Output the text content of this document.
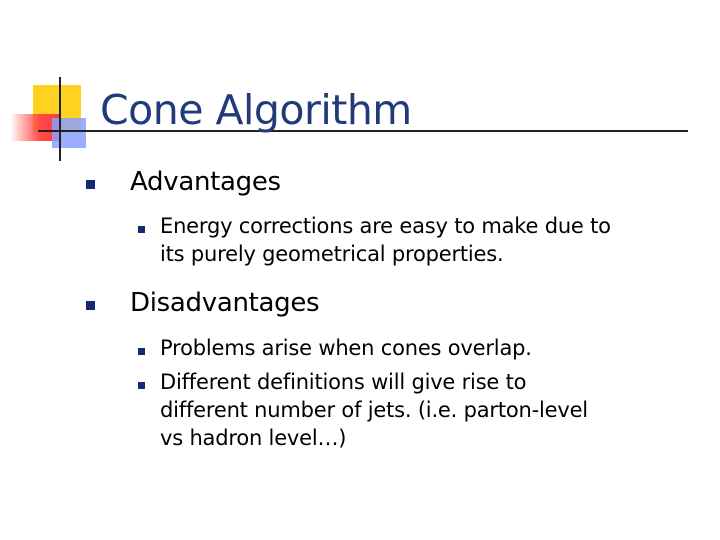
Cone Algorithm
Advantages
Energy corrections are easy to make due to
its purely geometrical properties.
Disadvantages
Problems arise when cones overlap.
Different definitions will give rise to
different number of jets. (i.e. parton-level
vs hadron level…)
